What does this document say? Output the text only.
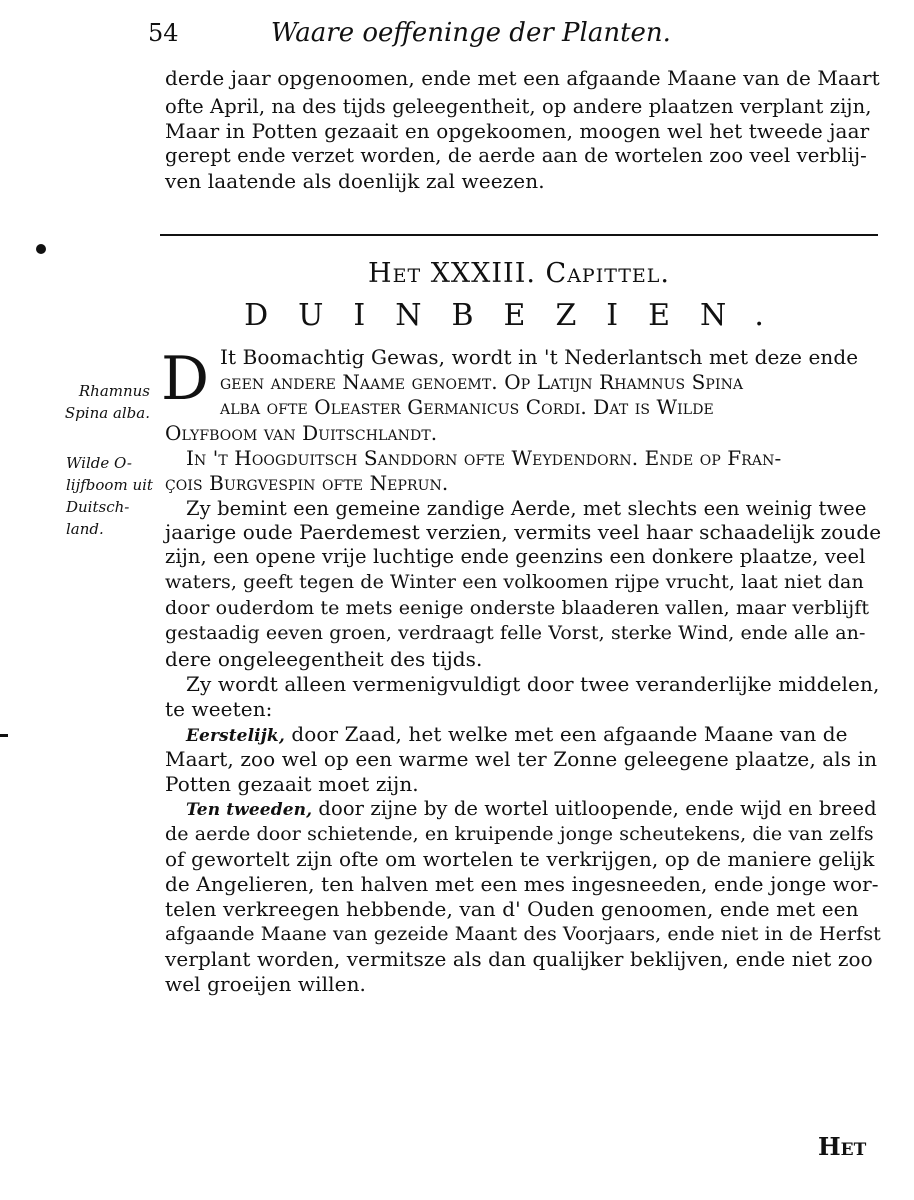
54	Waare oeffeninge der Planten.
derde jaar opgenoomen, ende met een afgaande Maane van de Maart
ofte April, na des tijds geleegentheit, op andere plaatzen verplant zijn,
Maar in Potten gezaait en opgekoomen, moogen wel het tweede jaar
gerept ende verzet worden, de aerde aan de wortelen zoo veel verblij-
ven laatende als doenlijk zal weezen.
Het XXXIII. Capittel.
DUINBEZIEN.
Rhamnus
Spina alba.
Wilde O-
lijfboom uit
Duitsch-
land.
D It Boomachtig Gewas, wordt in 't Nederlantsch met deze ende
geen andere Naame genoemt. Op Latijn Rhamnus Spina
alba ofte Oleaster Germanicus Cordi. Dat is Wilde
Olyfboom van Duitschlandt.
In 't Hoogduitsch Sanddorn ofte Weydendorn. Ende op Fran-
çois Burgvespin ofte Neprun.
Zy bemint een gemeine zandige Aerde, met slechts een weinig twee
jaarige oude Paerdemest verzien, vermits veel haar schaadelijk zoude
zijn, een opene vrije luchtige ende geenzins een donkere plaatze, veel
waters, geeft tegen de Winter een volkoomen rijpe vrucht, laat niet dan
door ouderdom te mets eenige onderste blaaderen vallen, maar verblijft
gestaadig eeven groen, verdraagt felle Vorst, sterke Wind, ende alle an-
dere ongeleegentheit des tijds.
Zy wordt alleen vermenigvuldigt door twee veranderlijke middelen,
te weeten:
Eerstelijk, door Zaad, het welke met een afgaande Maane van de
Maart, zoo wel op een warme wel ter Zonne geleegene plaatze, als in
Potten gezaait moet zijn.
Ten tweeden, door zijne by de wortel uitloopende, ende wijd en breed
de aerde door schietende, en kruipende jonge scheutekens, die van zelfs
of gewortelt zijn ofte om wortelen te verkrijgen, op de maniere gelijk
de Angelieren, ten halven met een mes ingesneeden, ende jonge wor-
telen verkreegen hebbende, van d' Ouden genoomen, ende met een
afgaande Maane van gezeide Maant des Voorjaars, ende niet in de Herfst
verplant worden, vermitsze als dan qualijker beklijven, ende niet zoo
wel groeijen willen.
Het
